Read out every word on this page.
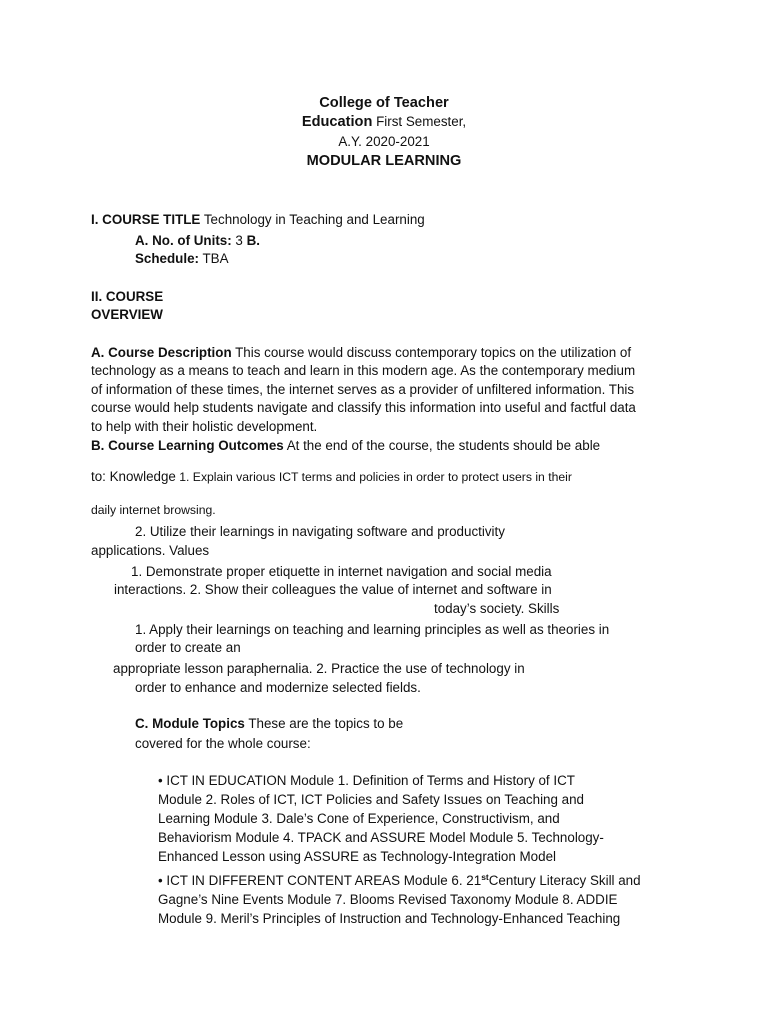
College of Teacher
Education First Semester,
A.Y. 2020-2021
MODULAR LEARNING
I. COURSE TITLE Technology in Teaching and Learning
A. No. of Units: 3 B.
Schedule: TBA
II. COURSE
OVERVIEW
A. Course Description This course would discuss contemporary topics on the utilization of
technology as a means to teach and learn in this modern age. As the contemporary medium
of information of these times, the internet serves as a provider of unfiltered information. This
course would help students navigate and classify this information into useful and factful data
to help with their holistic development.
B. Course Learning Outcomes At the end of the course, the students should be able
to: Knowledge 1. Explain various ICT terms and policies in order to protect users in their
daily internet browsing.
2. Utilize their learnings in navigating software and productivity
applications. Values
1. Demonstrate proper etiquette in internet navigation and social media
interactions. 2. Show their colleagues the value of internet and software in
today’s society. Skills
1. Apply their learnings on teaching and learning principles as well as theories in
order to create an
appropriate lesson paraphernalia. 2. Practice the use of technology in
order to enhance and modernize selected fields.
C. Module Topics These are the topics to be
covered for the whole course:
• ICT IN EDUCATION Module 1. Definition of Terms and History of ICT
Module 2. Roles of ICT, ICT Policies and Safety Issues on Teaching and
Learning Module 3. Dale’s Cone of Experience, Constructivism, and
Behaviorism Module 4. TPACK and ASSURE Model Module 5. Technology-
Enhanced Lesson using ASSURE as Technology-Integration Model
• ICT IN DIFFERENT CONTENT AREAS Module 6. 21stCentury Literacy Skill and
Gagne’s Nine Events Module 7. Blooms Revised Taxonomy Module 8. ADDIE
Module 9. Meril’s Principles of Instruction and Technology-Enhanced Teaching
